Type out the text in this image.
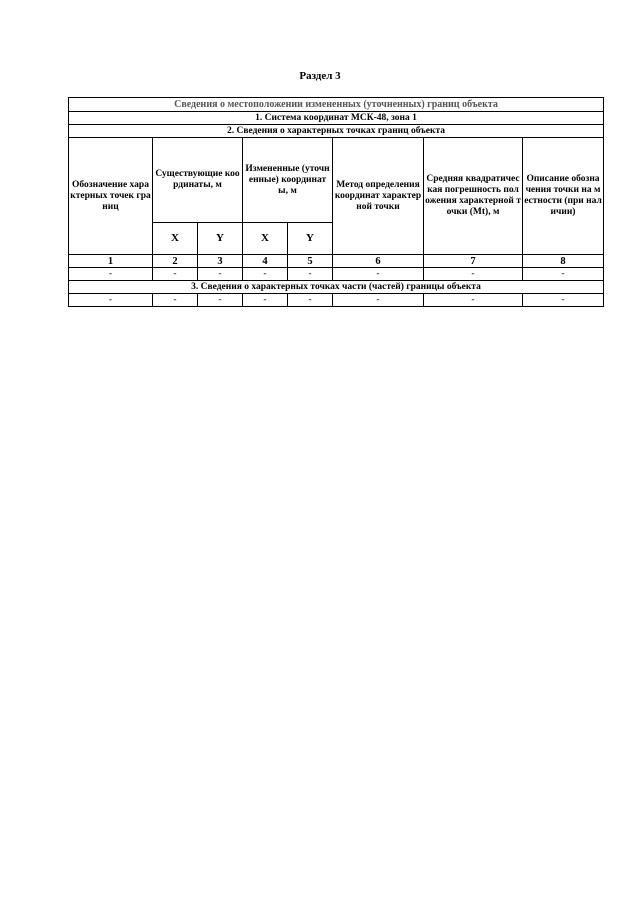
Раздел 3
Сведения о местоположении измененных (уточненных) границ объекта							
1. Система координат МСК-48, зона 1							
2. Сведения о характерных точках границ объекта							
Обозначение характерных точек границ	Существующие координаты, м		Измененные (уточненные) координаты, м		Метод определения координат характерной точки	Средняя квадратическая погрешность положения характерной точки (Mt), м	Описание обозначения точки на местности (при наличии)
	X	Y	X	Y			
1	2	3	4	5	6	7	8
-	-	-	-	-	-	-	-
3. Сведения о характерных точках части (частей) границы объекта							
-	-	-	-	-	-	-	-
